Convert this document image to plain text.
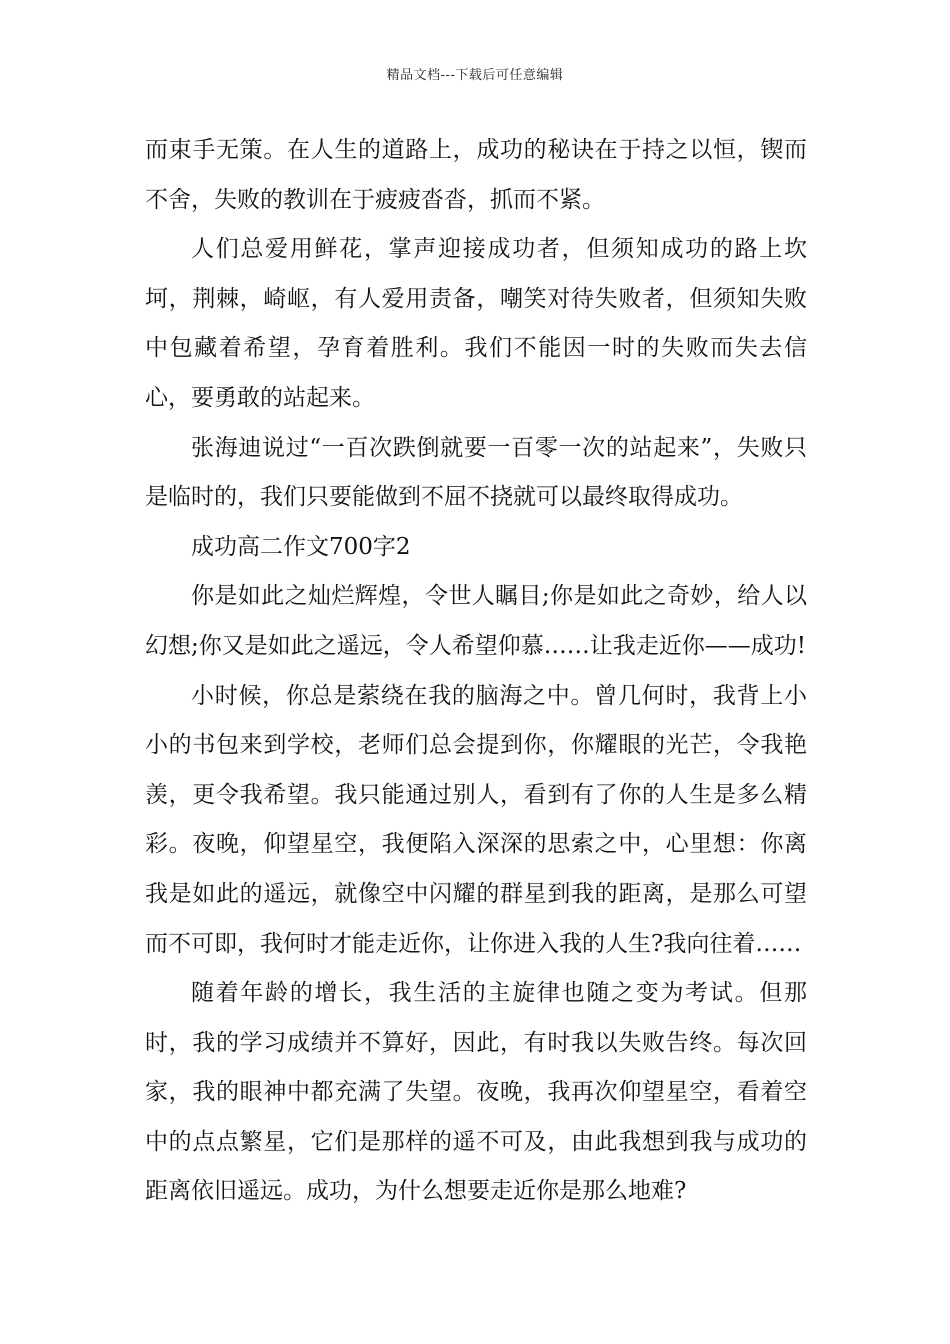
精品文档---下载后可任意编辑

而束手无策。在人生的道路上，成功的秘诀在于持之以恒，锲而不舍，失败的教训在于疲疲沓沓，抓而不紧。

人们总爱用鲜花，掌声迎接成功者，但须知成功的路上坎坷，荆棘，崎岖，有人爱用责备，嘲笑对待失败者，但须知失败中包藏着希望，孕育着胜利。我们不能因一时的失败而失去信心，要勇敢的站起来。

张海迪说过“一百次跌倒就要一百零一次的站起来”，失败只是临时的，我们只要能做到不屈不挠就可以最终取得成功。

成功高二作文700字2

你是如此之灿烂辉煌，令世人瞩目;你是如此之奇妙，给人以幻想;你又是如此之遥远，令人希望仰慕……让我走近你——成功!

小时候，你总是萦绕在我的脑海之中。曾几何时，我背上小小的书包来到学校，老师们总会提到你，你耀眼的光芒，令我艳羡，更令我希望。我只能通过别人，看到有了你的人生是多么精彩。夜晚，仰望星空，我便陷入深深的思索之中，心里想：你离我是如此的遥远，就像空中闪耀的群星到我的距离，是那么可望而不可即，我何时才能走近你，让你进入我的人生?我向往着……

随着年龄的增长，我生活的主旋律也随之变为考试。但那时，我的学习成绩并不算好，因此，有时我以失败告终。每次回家，我的眼神中都充满了失望。夜晚，我再次仰望星空，看着空中的点点繁星，它们是那样的遥不可及，由此我想到我与成功的距离依旧遥远。成功，为什么想要走近你是那么地难?
